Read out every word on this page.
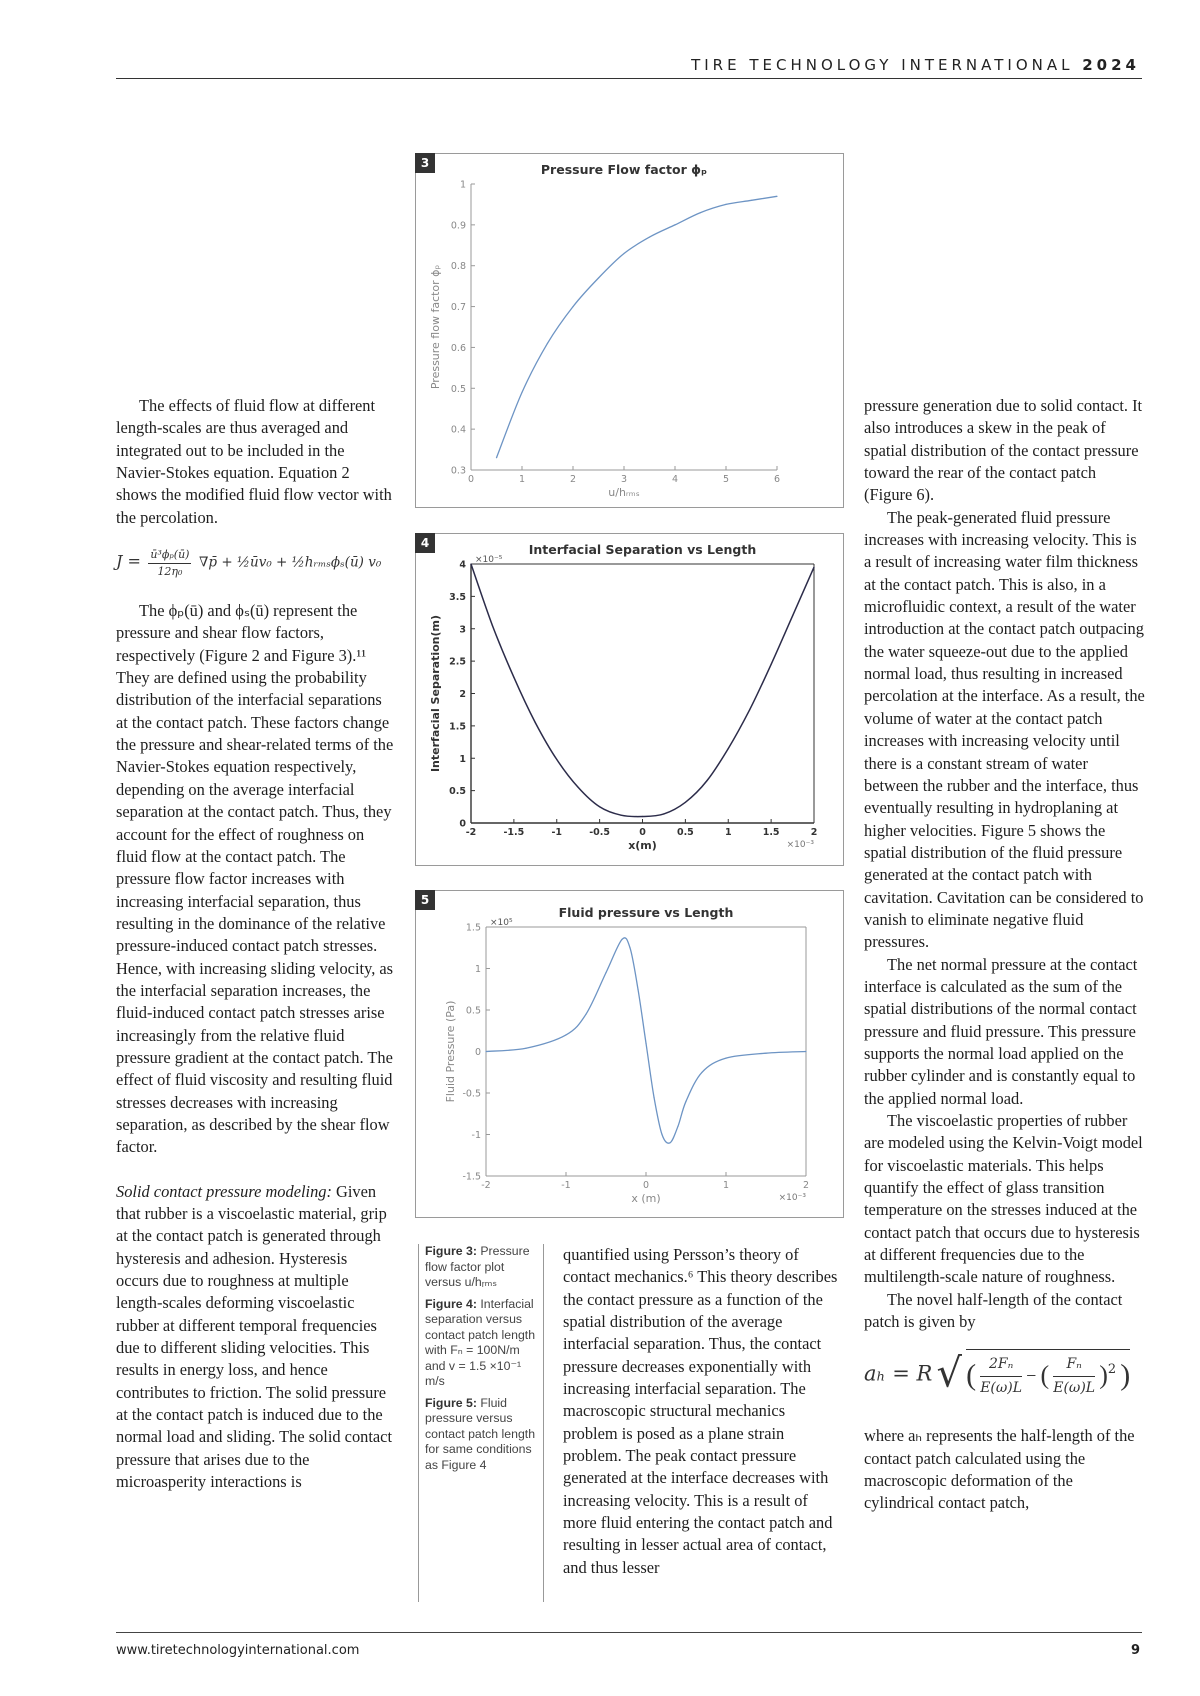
TIRE TECHNOLOGY INTERNATIONAL 2024

The effects of fluid flow at different length-scales are thus averaged and integrated out to be included in the Navier-Stokes equation. Equation 2 shows the modified fluid flow vector with the percolation.

$J = \frac{\text{ū³ϕₚ(ū)}}{\text{12η₀}}$ ∇p̄ + ½ūv₀ + ½hᵣₘₛϕₛ(ū) v₀

The ϕₚ(ū) and ϕₛ(ū) represent the pressure and shear flow factors, respectively (Figure 2 and Figure 3).¹¹ They are defined using the probability distribution of the interfacial separations at the contact patch. These factors change the pressure and shear-related terms of the Navier-Stokes equation respectively, depending on the average interfacial separation at the contact patch. Thus, they account for the effect of roughness on fluid flow at the contact patch. The pressure flow factor increases with increasing interfacial separation, thus resulting in the dominance of the relative pressure-induced contact patch stresses. Hence, with increasing sliding velocity, as the interfacial separation increases, the fluid-induced contact patch stresses arise increasingly from the relative fluid pressure gradient at the contact patch. The effect of fluid viscosity and resulting fluid stresses decreases with increasing separation, as described by the shear flow factor.

Solid contact pressure modeling: Given that rubber is a viscoelastic material, grip at the contact patch is generated through hysteresis and adhesion. Hysteresis occurs due to roughness at multiple length-scales deforming viscoelastic rubber at different temporal frequencies due to different sliding velocities. This results in energy loss, and hence contributes to friction. The solid pressure at the contact patch is induced due to the normal load and sliding. The solid contact pressure that arises due to the microasperity interactions is

3	Pressure Flow factor ϕₚ
0	1	2	3	4	5	6
0.3
0.4
0.5
0.6
0.7
0.8
0.9
1
u/hᵣₘₛ
Pressure flow factor ϕₚ
4	Interfacial Separation vs Length
-2	-1.5	-1	-0.5	0	0.5	1	1.5	2
0
0.5
1
1.5
2
2.5
3
3.5
4
x(m)
Interfacial Separation(m)
×10⁻⁵
×10⁻³
5
Fluid pressure vs Length
-2	-1	0	1	2
-1.5
-1
-0.5
0
0.5
1
1.5
x (m)
Fluid Pressure (Pa)
×10⁵
×10⁻³

Figure 3: Pressure flow factor plot versus u/hᵣₘₛ

Figure 4: Interfacial separation versus contact patch length with Fₙ = 100N/m and v = 1.5 ×10⁻¹ m/s

Figure 5: Fluid pressure versus contact patch length for same conditions as Figure 4

quantified using Persson’s theory of contact mechanics.⁶ This theory describes the contact pressure as a function of the spatial distribution of the average interfacial separation. Thus, the contact pressure decreases exponentially with increasing interfacial separation. The macroscopic structural mechanics problem is posed as a plane strain problem. The peak contact pressure generated at the interface decreases with increasing velocity. This is a result of more fluid entering the contact patch and resulting in lesser actual area of contact, and thus lesser

pressure generation due to solid contact. It also introduces a skew in the peak of spatial distribution of the contact pressure toward the rear of the contact patch (Figure 6).

The peak-generated fluid pressure increases with increasing velocity. This is a result of increasing water film thickness at the contact patch. This is also, in a microfluidic context, a result of the water introduction at the contact patch outpacing the water squeeze-out due to the applied normal load, thus resulting in increased percolation at the interface. As a result, the volume of water at the contact patch increases with increasing velocity until there is a constant stream of water between the rubber and the interface, thus eventually resulting in hydroplaning at higher velocities. Figure 5 shows the spatial distribution of the fluid pressure generated at the contact patch with cavitation. Cavitation can be considered to vanish to eliminate negative fluid pressures.

The net normal pressure at the contact interface is calculated as the sum of the spatial distributions of the normal contact pressure and fluid pressure. This pressure supports the normal load applied on the rubber cylinder and is constantly equal to the applied normal load.

The viscoelastic properties of rubber are modeled using the Kelvin-Voigt model for viscoelastic materials. This helps quantify the effect of glass transition temperature on the stresses induced at the contact patch that occurs due to hysteresis at different frequencies due to the multilength-scale nature of roughness.

The novel half-length of the contact patch is given by

aₕ = R √ ( $\frac{\text{2Fₙ}}{E(\omega)L}$ − ( $\frac{\text{Fₙ}}{E(\omega)L} )^2$ )

where aₕ represents the half-length of the contact patch calculated using the macroscopic deformation of the cylindrical contact patch,

www.tiretechnologyinternational.com	9
